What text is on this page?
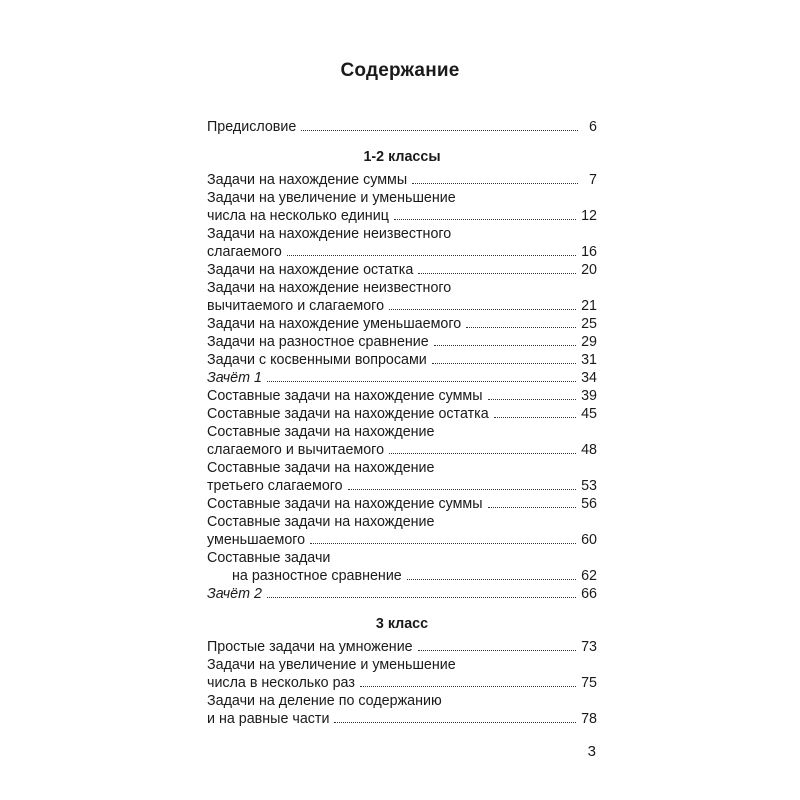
Содержание
Предисловие	6
1-2 классы
Задачи на нахождение суммы	7
Задачи на увеличение и уменьшение
числа на несколько единиц	12
Задачи на нахождение неизвестного
слагаемого	16
Задачи на нахождение остатка	20
Задачи на нахождение неизвестного
вычитаемого и слагаемого	21
Задачи на нахождение уменьшаемого	25
Задачи на разностное сравнение	29
Задачи с косвенными вопросами	31
Зачёт 1	34
Составные задачи на нахождение суммы	39
Составные задачи на нахождение остатка	45
Составные задачи на нахождение
слагаемого и вычитаемого	48
Составные задачи на нахождение
третьего слагаемого	53
Составные задачи на нахождение суммы	56
Составные задачи на нахождение
уменьшаемого	60
Составные задачи
на разностное сравнение	62
Зачёт 2	66
3 класс
Простые задачи на умножение	73
Задачи на увеличение и уменьшение
числа в несколько раз	75
Задачи на деление по содержанию
и на равные части	78
3
